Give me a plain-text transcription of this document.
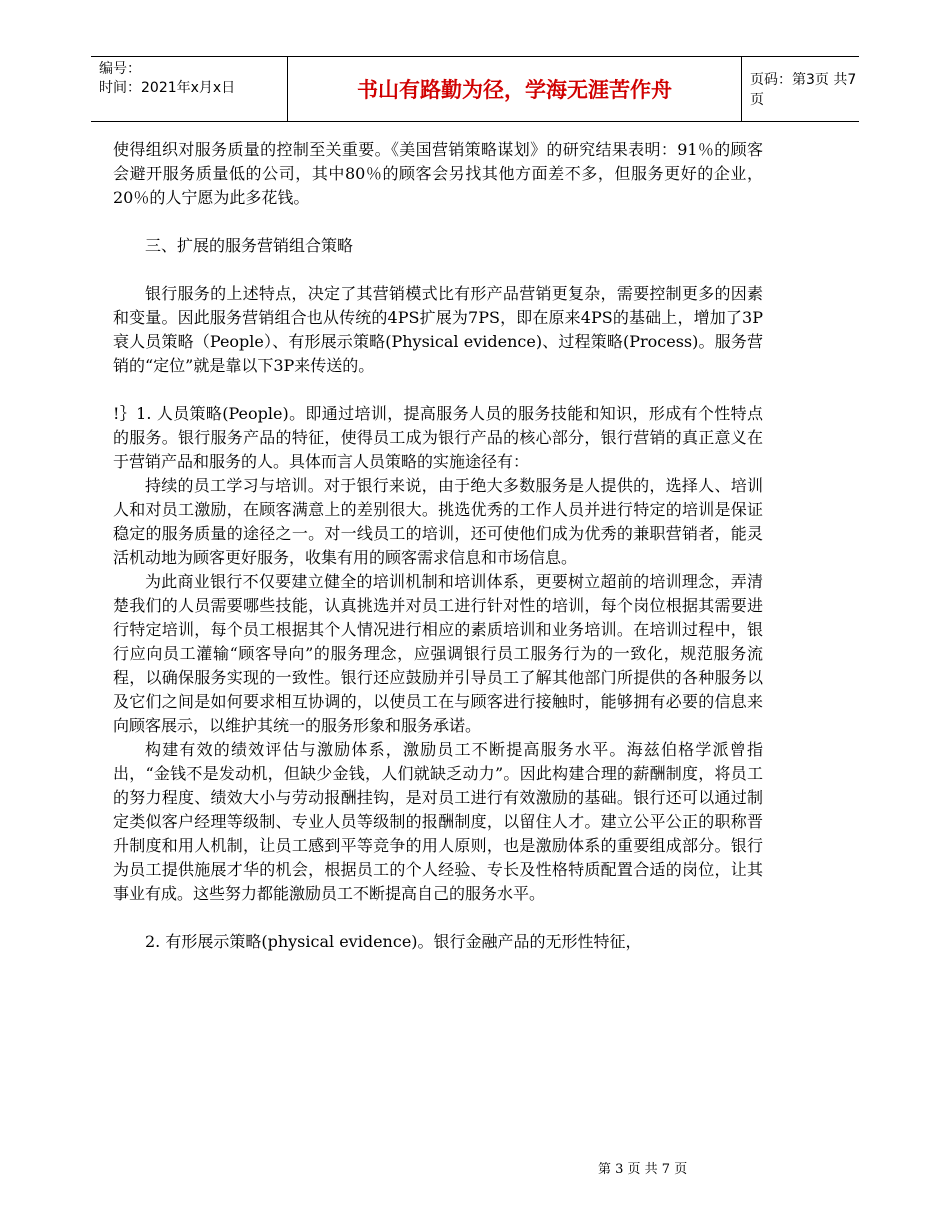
编号：
时间：2021年x月x日	书山有路勤为径，学海无涯苦作舟	页码：第3页 共7页

使得组织对服务质量的控制至关重要。《美国营销策略谋划》的研究结果表明：91％的顾客会避开服务质量低的公司，其中80％的顾客会另找其他方面差不多，但服务更好的企业，20％的人宁愿为此多花钱。

三、扩展的服务营销组合策略

银行服务的上述特点，决定了其营销模式比有形产品营销更复杂，需要控制更多的因素和变量。因此服务营销组合也从传统的4PS扩展为7PS，即在原来4PS的基础上，增加了3P衰人员策略（People）、有形展示策略(Physical evidence)、过程策略(Process)。服务营销的“定位”就是靠以下3P来传送的。

!｝1. 人员策略(People)。即通过培训，提高服务人员的服务技能和知识，形成有个性特点的服务。银行服务产品的特征，使得员工成为银行产品的核心部分，银行营销的真正意义在于营销产品和服务的人。具体而言人员策略的实施途径有：

持续的员工学习与培训。对于银行来说，由于绝大多数服务是人提供的，选择人、培训人和对员工激励，在顾客满意上的差别很大。挑选优秀的工作人员并进行特定的培训是保证稳定的服务质量的途径之一。对一线员工的培训，还可使他们成为优秀的兼职营销者，能灵活机动地为顾客更好服务，收集有用的顾客需求信息和市场信息。

为此商业银行不仅要建立健全的培训机制和培训体系，更要树立超前的培训理念，弄清楚我们的人员需要哪些技能，认真挑选并对员工进行针对性的培训，每个岗位根据其需要进行特定培训，每个员工根据其个人情况进行相应的素质培训和业务培训。在培训过程中，银行应向员工灌输“顾客导向”的服务理念，应强调银行员工服务行为的一致化，规范服务流程，以确保服务实现的一致性。银行还应鼓励并引导员工了解其他部门所提供的各种服务以及它们之间是如何要求相互协调的，以使员工在与顾客进行接触时，能够拥有必要的信息来向顾客展示，以维护其统一的服务形象和服务承诺。

构建有效的绩效评估与激励体系，激励员工不断提高服务水平。海兹伯格学派曾指出，“金钱不是发动机，但缺少金钱，人们就缺乏动力”。因此构建合理的薪酬制度，将员工的努力程度、绩效大小与劳动报酬挂钩，是对员工进行有效激励的基础。银行还可以通过制定类似客户经理等级制、专业人员等级制的报酬制度，以留住人才。建立公平公正的职称晋升制度和用人机制，让员工感到平等竞争的用人原则，也是激励体系的重要组成部分。银行为员工提供施展才华的机会，根据员工的个人经验、专长及性格特质配置合适的岗位，让其事业有成。这些努力都能激励员工不断提高自己的服务水平。

2. 有形展示策略(physical evidence)。银行金融产品的无形性特征，

第 3 页 共 7 页
